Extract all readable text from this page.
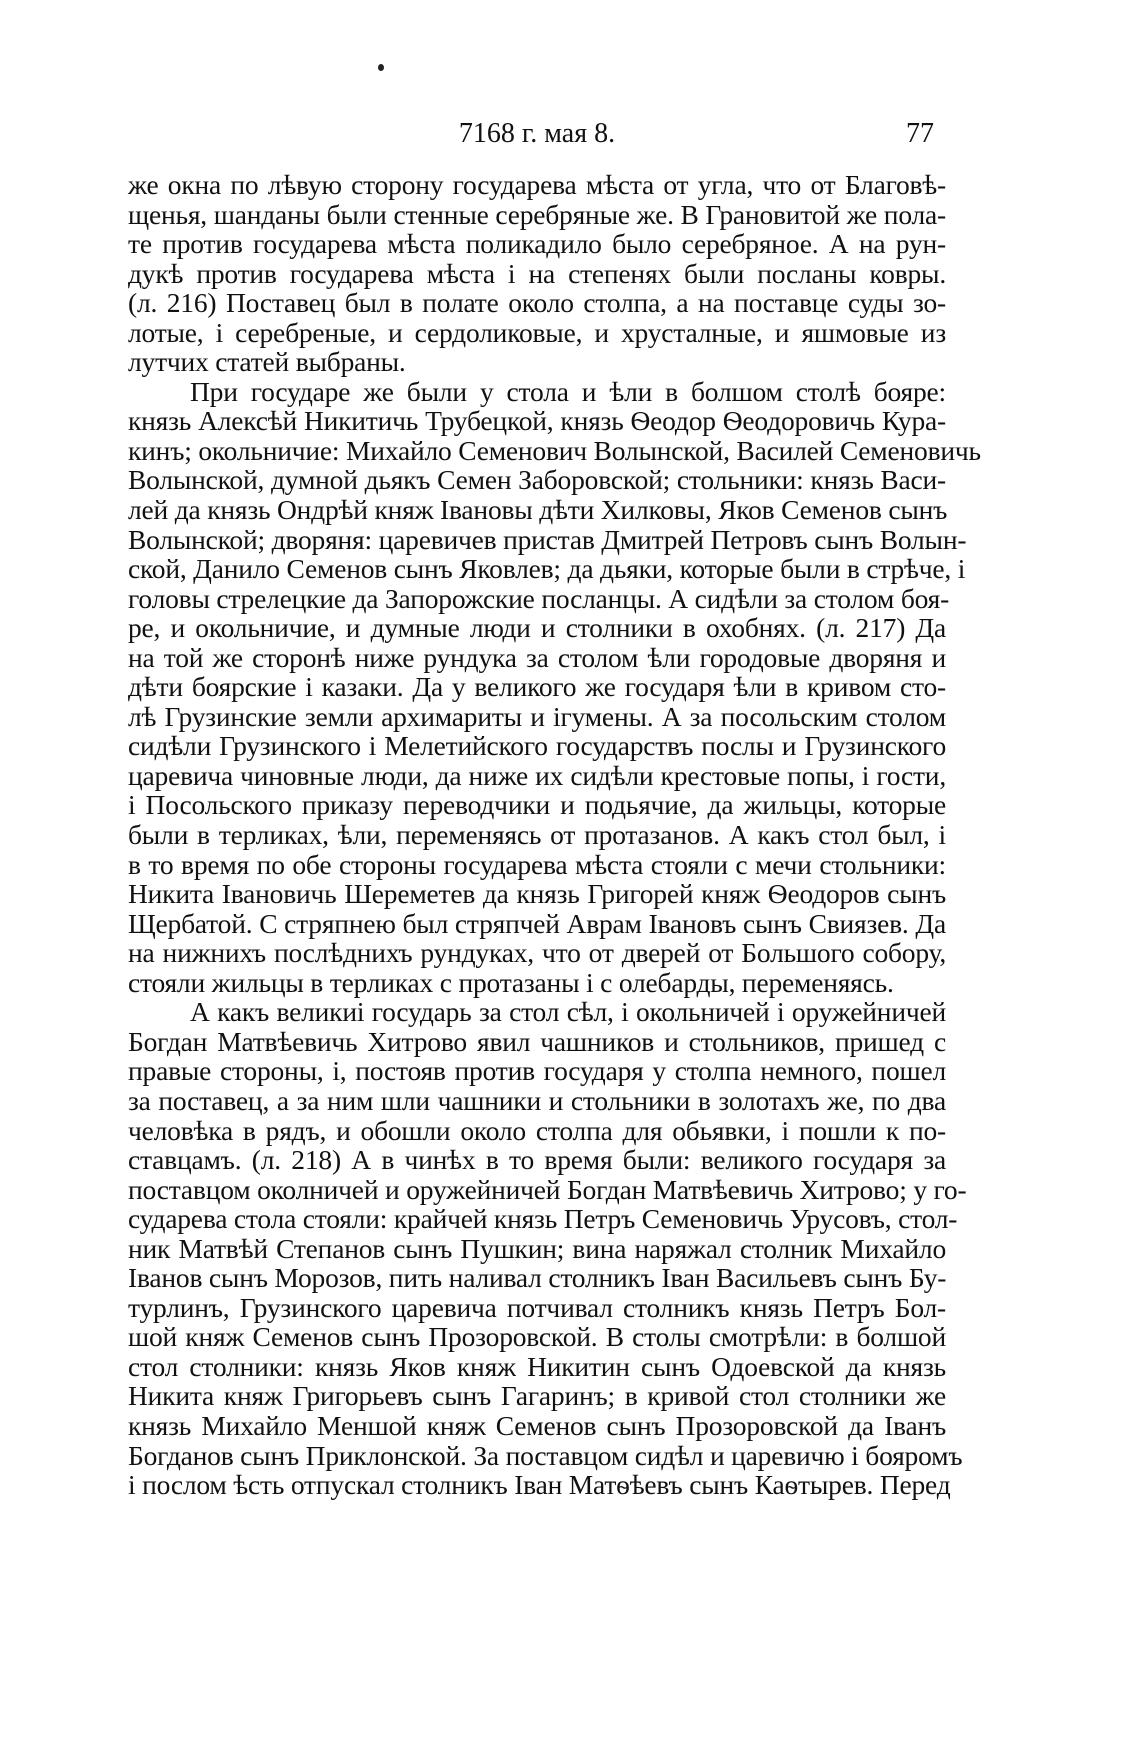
7168 г. мая 8.	77
же окна по лѣвую сторону государева мѣста от угла, что от Благовѣ-
щенья, шанданы были стенные серебряные же. В Грановитой же пола-
те против государева мѣста поликадило было серебряное. А на рун-
дукѣ против государева мѣста і на степенях были посланы ковры.
(л. 216) Поставец был в полате около столпа, а на поставце суды зо-
лотые, і серебреные, и сердоликовые, и хрусталные, и яшмовые из
лутчих статей выбраны.
При государе же были у стола и ѣли в болшом столѣ бояре:
князь Алексѣй Никитичь Трубецкой, князь Ѳеодор Ѳеодоровичь Кура-
кинъ; окольничие: Михайло Семенович Волынской, Василей Семеновичь
Волынской, думной дьякъ Семен Заборовской; стольники: князь Васи-
лей да князь Ондрѣй княж Івановы дѣти Хилковы, Яков Семенов сынъ
Волынской; дворяня: царевичев пристав Дмитрей Петровъ сынъ Волын-
ской, Данило Семенов сынъ Яковлев; да дьяки, которые были в стрѣче, і
головы стрелецкие да Запорожские посланцы. А сидѣли за столом боя-
ре, и окольничие, и думные люди и столники в охобнях. (л. 217) Да
на той же сторонѣ ниже рундука за столом ѣли городовые дворяня и
дѣти боярские і казаки. Да у великого же государя ѣли в кривом сто-
лѣ Грузинские земли архимариты и ігумены. А за посольским столом
сидѣли Грузинского і Мелетийского государствъ послы и Грузинского
царевича чиновные люди, да ниже их сидѣли крестовые попы, і гости,
і Посольского приказу переводчики и подьячие, да жильцы, которые
были в терликах, ѣли, переменяясь от протазанов. А какъ стол был, і
в то время по обе стороны государева мѣста стояли с мечи стольники:
Никита Івановичь Шереметев да князь Григорей княж Ѳеодоров сынъ
Щербатой. С стряпнею был стряпчей Аврам Івановъ сынъ Свиязев. Да
на нижнихъ послѣднихъ рундуках, что от дверей от Большого собору,
стояли жильцы в терликах с протазаны і с олебарды, переменяясь.
А какъ великиі государь за стол сѣл, і окольничей і оружейничей
Богдан Матвѣевичь Хитрово явил чашников и стольников, пришед с
правые стороны, і, постояв против государя у столпа немного, пошел
за поставец, а за ним шли чашники и стольники в золотахъ же, по два
человѣка в рядъ, и обошли около столпа для обьявки, і пошли к по-
ставцамъ. (л. 218) А в чинѣх в то время были: великого государя за
поставцом околничей и оружейничей Богдан Матвѣевичь Хитрово; у го-
сударева стола стояли: крайчей князь Петръ Семеновичь Урусовъ, стол-
ник Матвѣй Степанов сынъ Пушкин; вина наряжал столник Михайло
Іванов сынъ Морозов, пить наливал столникъ Іван Васильевъ сынъ Бу-
турлинъ, Грузинского царевича потчивал столникъ князь Петръ Бол-
шой княж Семенов сынъ Прозоровской. В столы смотрѣли: в болшой
стол столники: князь Яков княж Никитин сынъ Одоевской да князь
Никита княж Григорьевъ сынъ Гагаринъ; в кривой стол столники же
князь Михайло Меншой княж Семенов сынъ Прозоровской да Іванъ
Богданов сынъ Приклонской. За поставцом сидѣл и царевичю і бояромъ
і послом ѣсть отпускал столникъ Іван Матѳѣевъ сынъ Каѳтырев. Перед
